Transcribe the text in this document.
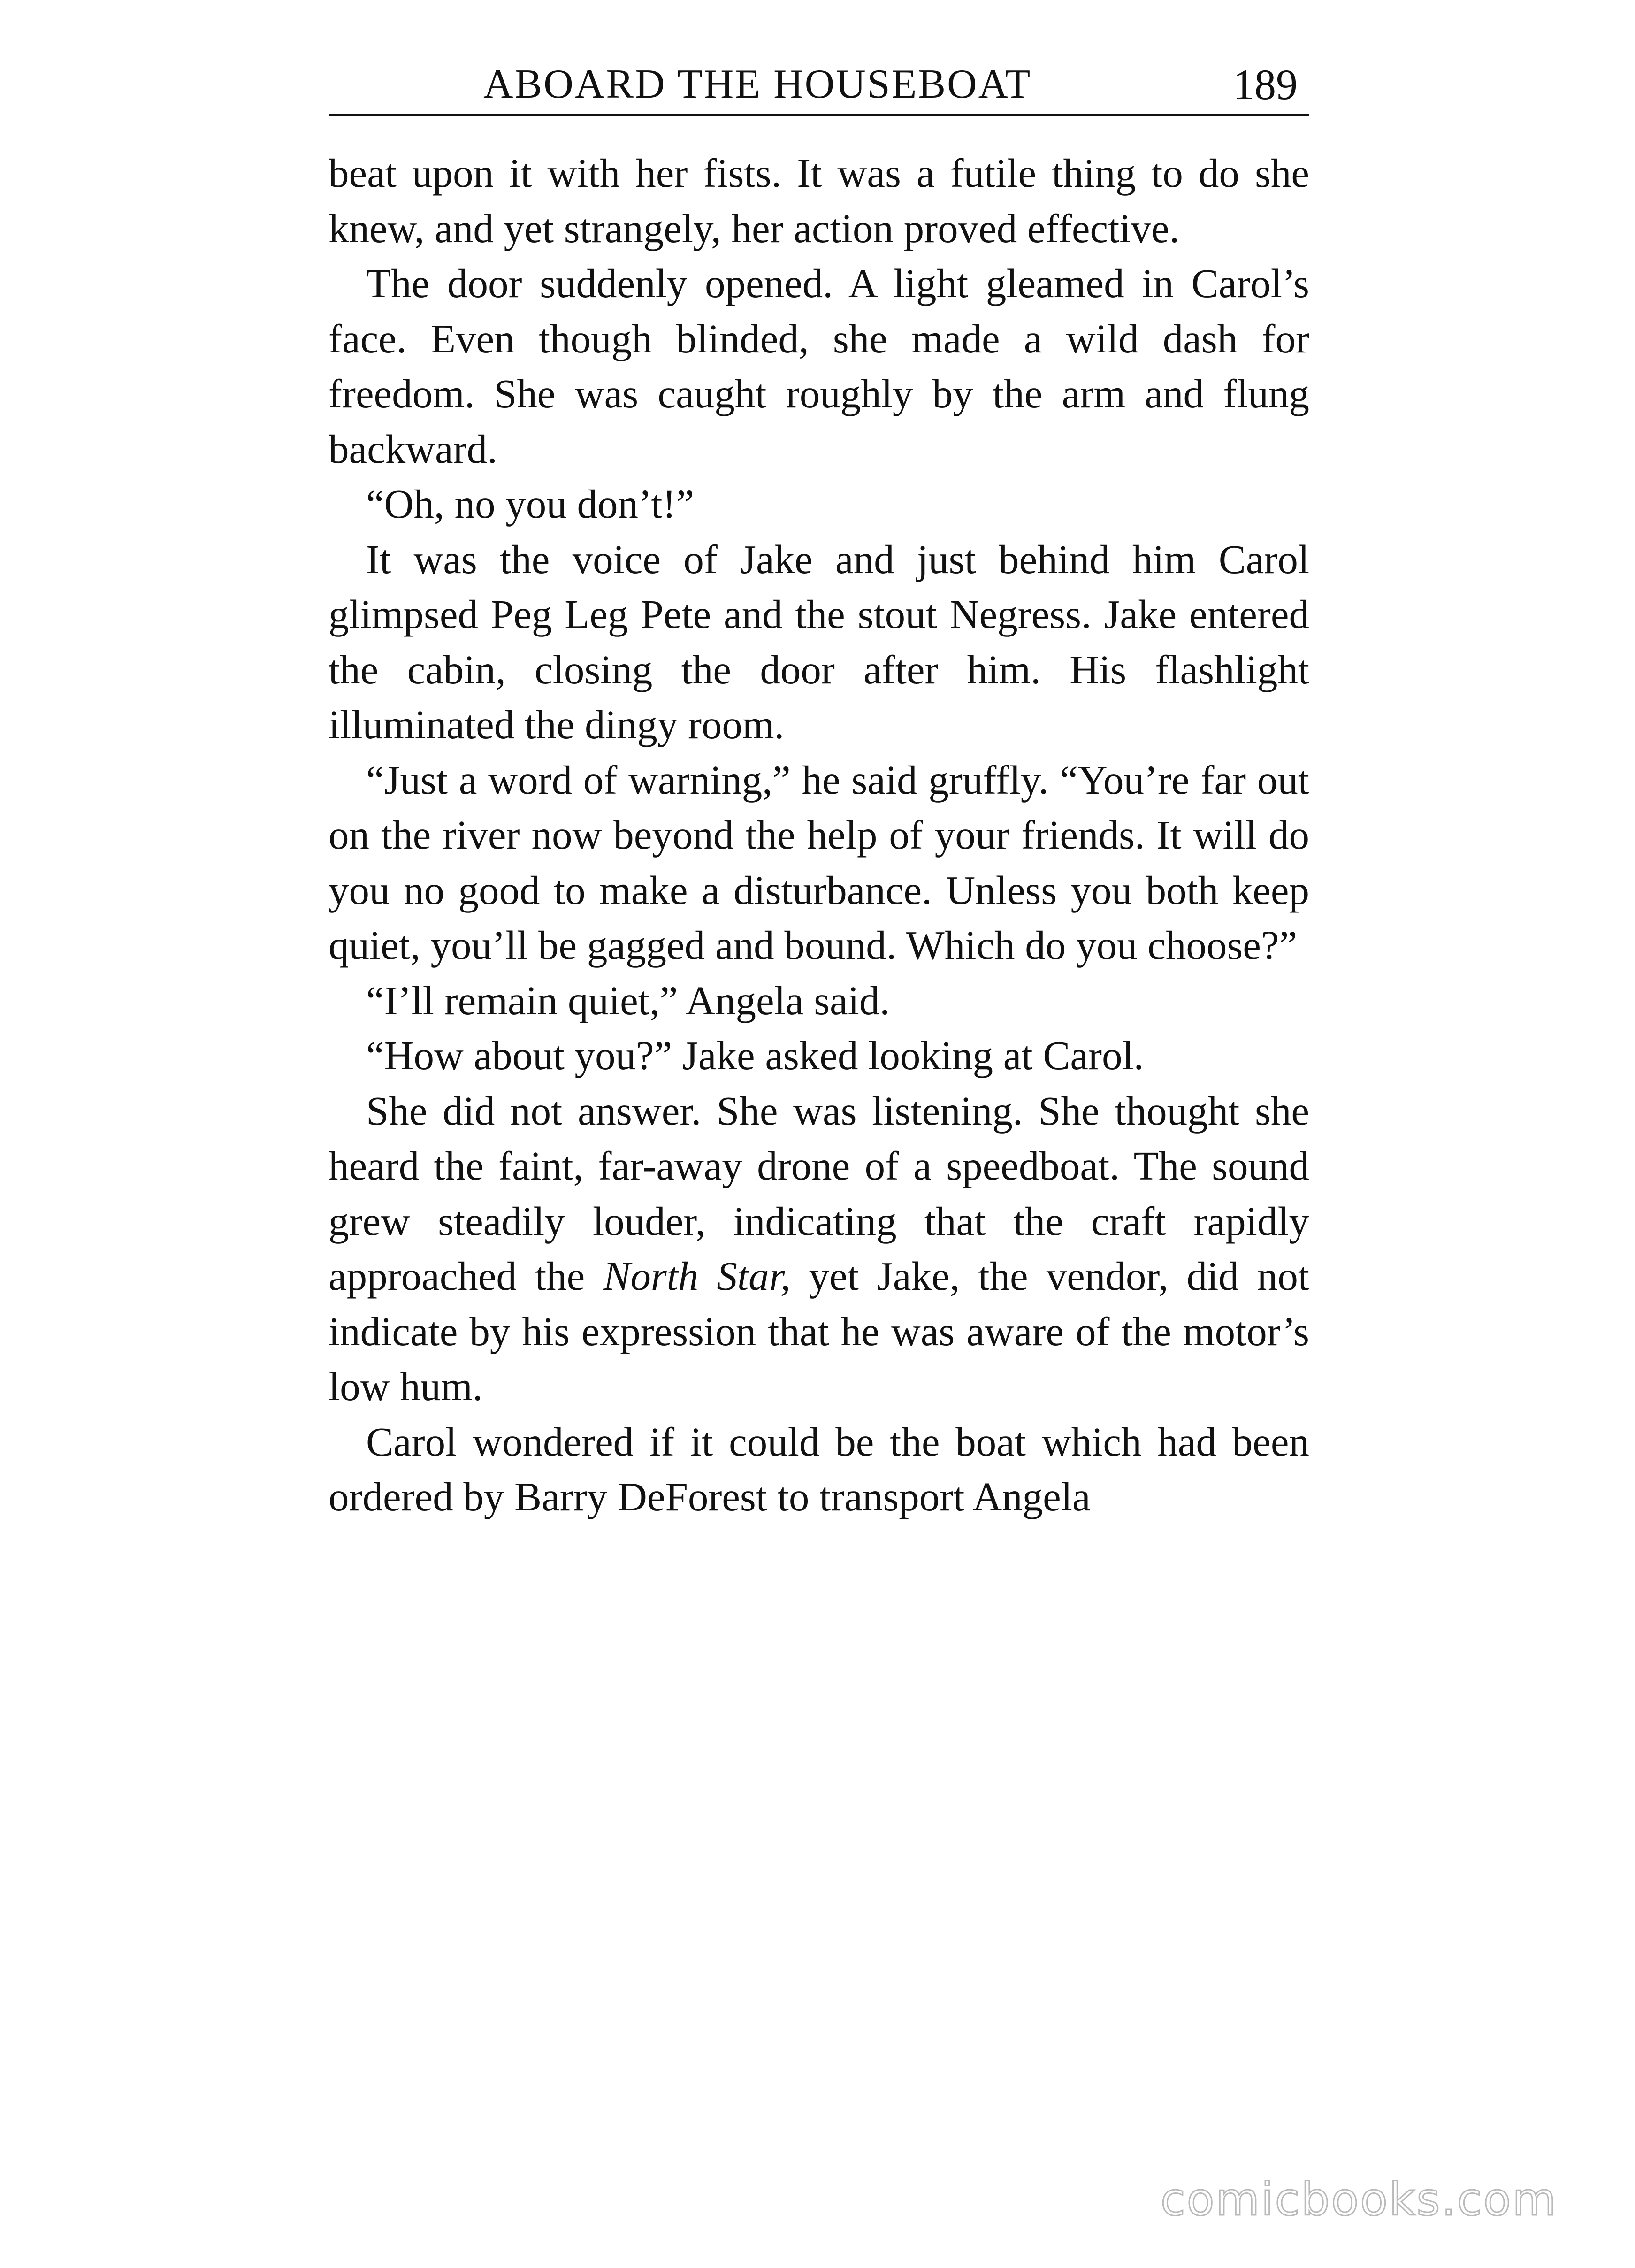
ABOARD THE HOUSEBOAT	189

beat upon it with her fists. It was a futile thing to do she knew, and yet strangely, her action proved effective.

The door suddenly opened. A light gleamed in Carol’s face. Even though blinded, she made a wild dash for freedom. She was caught roughly by the arm and flung backward.

“Oh, no you don’t!”

It was the voice of Jake and just behind him Carol glimpsed Peg Leg Pete and the stout Negress. Jake entered the cabin, closing the door after him. His flashlight illuminated the dingy room.

“Just a word of warning,” he said gruffly. “You’re far out on the river now beyond the help of your friends. It will do you no good to make a disturbance. Unless you both keep quiet, you’ll be gagged and bound. Which do you choose?”

“I’ll remain quiet,” Angela said.

“How about you?” Jake asked looking at Carol.

She did not answer. She was listening. She thought she heard the faint, far-away drone of a speedboat. The sound grew steadily louder, indicating that the craft rapidly approached the North Star, yet Jake, the vendor, did not indicate by his expression that he was aware of the motor’s low hum.

Carol wondered if it could be the boat which had been ordered by Barry DeForest to transport Angela

comicbooks.com
